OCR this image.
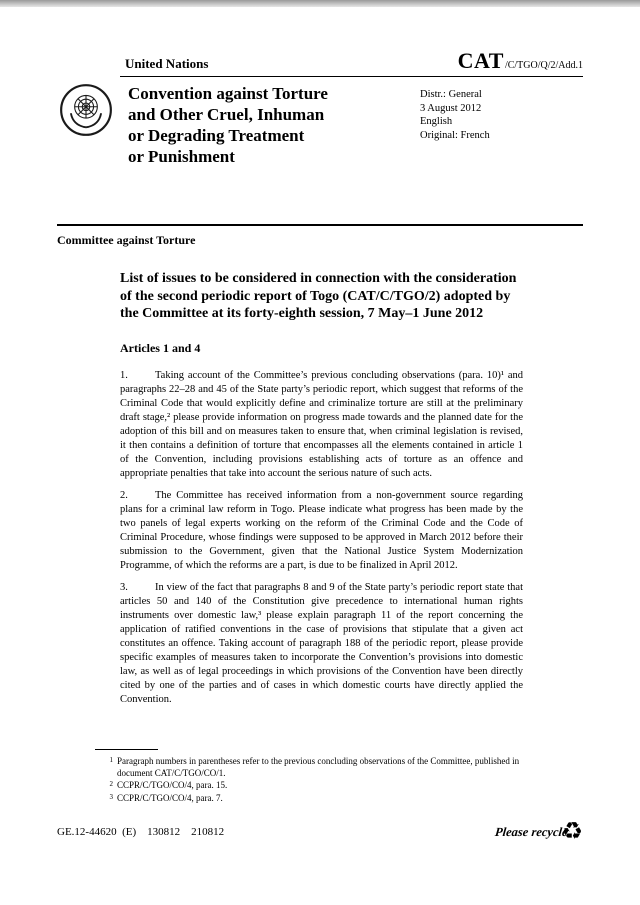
United Nations	CAT /C/TGO/Q/2/Add.1
Convention against Torture
and Other Cruel, Inhuman
or Degrading Treatment
or Punishment
Distr.: General
3 August 2012
English
Original: French
Committee against Torture

List of issues to be considered in connection with the consideration of the second periodic report of Togo (CAT/C/TGO/2) adopted by the Committee at its forty-eighth session, 7 May–1 June 2012

Articles 1 and 4

1.	Taking account of the Committee’s previous concluding observations (para. 10)¹ and paragraphs 22–28 and 45 of the State party’s periodic report, which suggest that reforms of the Criminal Code that would explicitly define and criminalize torture are still at the preliminary draft stage,² please provide information on progress made towards and the planned date for the adoption of this bill and on measures taken to ensure that, when criminal legislation is revised, it then contains a definition of torture that encompasses all the elements contained in article 1 of the Convention, including provisions establishing acts of torture as an offence and appropriate penalties that take into account the serious nature of such acts.

2.	The Committee has received information from a non-government source regarding plans for a criminal law reform in Togo. Please indicate what progress has been made by the two panels of legal experts working on the reform of the Criminal Code and the Code of Criminal Procedure, whose findings were supposed to be approved in March 2012 before their submission to the Government, given that the National Justice System Modernization Programme, of which the reforms are a part, is due to be finalized in April 2012.

3.	In view of the fact that paragraphs 8 and 9 of the State party’s periodic report state that articles 50 and 140 of the Constitution give precedence to international human rights instruments over domestic law,³ please explain paragraph 11 of the report concerning the application of ratified conventions in the case of provisions that stipulate that a given act constitutes an offence. Taking account of paragraph 188 of the periodic report, please provide specific examples of measures taken to incorporate the Convention’s provisions into domestic law, as well as of legal proceedings in which provisions of the Convention have been directly cited by one of the parties and of cases in which domestic courts have directly applied the Convention.

1 Paragraph numbers in parentheses refer to the previous concluding observations of the Committee, published in document CAT/C/TGO/CO/1.
2 CCPR/C/TGO/CO/4, para. 15.
3 CCPR/C/TGO/CO/4, para. 7.
GE.12-44620  (E)    130812    210812	Please recycle
♻
